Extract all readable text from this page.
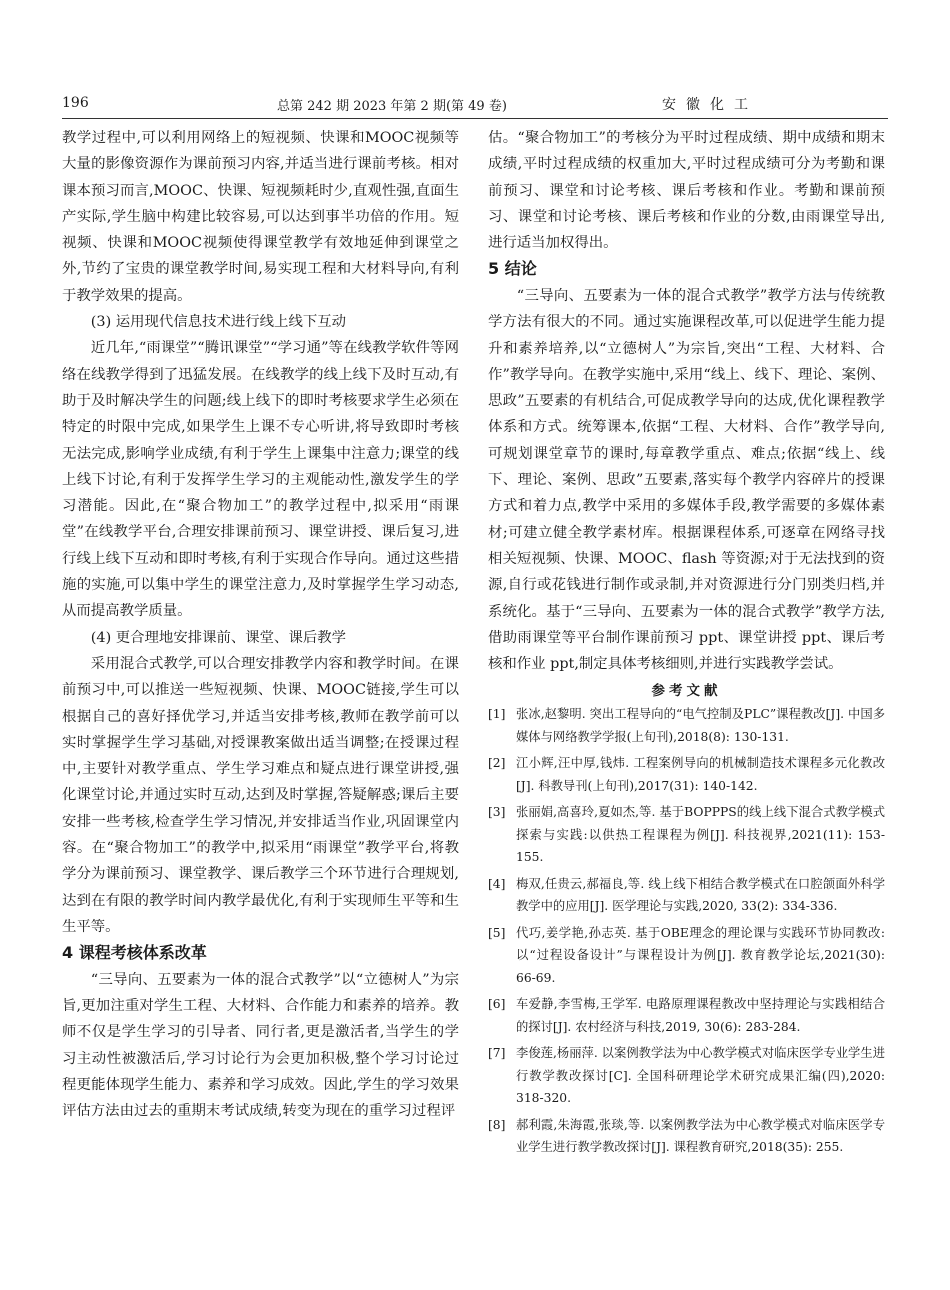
196	总第 242 期 2023 年第 2 期(第 49 卷)	安徽化工

教学过程中,可以利用网络上的短视频、快课和MOOC视频等大量的影像资源作为课前预习内容,并适当进行课前考核。相对课本预习而言,MOOC、快课、短视频耗时少,直观性强,直面生产实际,学生脑中构建比较容易,可以达到事半功倍的作用。短视频、快课和MOOC视频使得课堂教学有效地延伸到课堂之外,节约了宝贵的课堂教学时间,易实现工程和大材料导向,有利于教学效果的提高。

(3) 运用现代信息技术进行线上线下互动

近几年,“雨课堂”“腾讯课堂”“学习通”等在线教学软件等网络在线教学得到了迅猛发展。在线教学的线上线下及时互动,有助于及时解决学生的问题;线上线下的即时考核要求学生必须在特定的时限中完成,如果学生上课不专心听讲,将导致即时考核无法完成,影响学业成绩,有利于学生上课集中注意力;课堂的线上线下讨论,有利于发挥学生学习的主观能动性,激发学生的学习潜能。因此,在“聚合物加工”的教学过程中,拟采用“雨课堂”在线教学平台,合理安排课前预习、课堂讲授、课后复习,进行线上线下互动和即时考核,有利于实现合作导向。通过这些措施的实施,可以集中学生的课堂注意力,及时掌握学生学习动态,从而提高教学质量。

(4) 更合理地安排课前、课堂、课后教学

采用混合式教学,可以合理安排教学内容和教学时间。在课前预习中,可以推送一些短视频、快课、MOOC链接,学生可以根据自己的喜好择优学习,并适当安排考核,教师在教学前可以实时掌握学生学习基础,对授课教案做出适当调整;在授课过程中,主要针对教学重点、学生学习难点和疑点进行课堂讲授,强化课堂讨论,并通过实时互动,达到及时掌握,答疑解惑;课后主要安排一些考核,检查学生学习情况,并安排适当作业,巩固课堂内容。在“聚合物加工”的教学中,拟采用“雨课堂”教学平台,将教学分为课前预习、课堂教学、课后教学三个环节进行合理规划,达到在有限的教学时间内教学最优化,有利于实现师生平等和生生平等。

4 课程考核体系改革

“三导向、五要素为一体的混合式教学”以“立德树人”为宗旨,更加注重对学生工程、大材料、合作能力和素养的培养。教师不仅是学生学习的引导者、同行者,更是激活者,当学生的学习主动性被激活后,学习讨论行为会更加积极,整个学习讨论过程更能体现学生能力、素养和学习成效。因此,学生的学习效果评估方法由过去的重期末考试成绩,转变为现在的重学习过程评

估。“聚合物加工”的考核分为平时过程成绩、期中成绩和期末成绩,平时过程成绩的权重加大,平时过程成绩可分为考勤和课前预习、课堂和讨论考核、课后考核和作业。考勤和课前预习、课堂和讨论考核、课后考核和作业的分数,由雨课堂导出,进行适当加权得出。

5 结论

“三导向、五要素为一体的混合式教学”教学方法与传统教学方法有很大的不同。通过实施课程改革,可以促进学生能力提升和素养培养,以“立德树人”为宗旨,突出“工程、大材料、合作”教学导向。在教学实施中,采用“线上、线下、理论、案例、思政”五要素的有机结合,可促成教学导向的达成,优化课程教学体系和方式。统筹课本,依据“工程、大材料、合作”教学导向,可规划课堂章节的课时,每章教学重点、难点;依据“线上、线下、理论、案例、思政”五要素,落实每个教学内容碎片的授课方式和着力点,教学中采用的多媒体手段,教学需要的多媒体素材;可建立健全教学素材库。根据课程体系,可逐章在网络寻找相关短视频、快课、MOOC、flash 等资源;对于无法找到的资源,自行或花钱进行制作或录制,并对资源进行分门别类归档,并系统化。基于“三导向、五要素为一体的混合式教学”教学方法,借助雨课堂等平台制作课前预习 ppt、课堂讲授 ppt、课后考核和作业 ppt,制定具体考核细则,并进行实践教学尝试。

参考文献
[1] 张冰,赵黎明. 突出工程导向的“电气控制及PLC”课程教改[J]. 中国多媒体与网络教学学报(上旬刊),2018(8): 130-131.
[2] 江小辉,汪中厚,钱炜. 工程案例导向的机械制造技术课程多元化教改[J]. 科教导刊(上旬刊),2017(31): 140-142.
[3] 张丽娟,高喜玲,夏如杰,等. 基于BOPPPS的线上线下混合式教学模式探索与实践:以供热工程课程为例[J]. 科技视界,2021(11): 153-155.
[4] 梅双,任贵云,郝福良,等. 线上线下相结合教学模式在口腔颌面外科学教学中的应用[J]. 医学理论与实践,2020, 33(2): 334-336.
[5] 代巧,姜学艳,孙志英. 基于OBE理念的理论课与实践环节协同教改:以“过程设备设计”与课程设计为例[J]. 教育教学论坛,2021(30): 66-69.
[6] 车爱静,李雪梅,王学军. 电路原理课程教改中坚持理论与实践相结合的探讨[J]. 农村经济与科技,2019, 30(6): 283-284.
[7] 李俊莲,杨丽萍. 以案例教学法为中心教学模式对临床医学专业学生进行教学教改探讨[C]. 全国科研理论学术研究成果汇编(四),2020: 318-320.
[8] 郝利霞,朱海霞,张琰,等. 以案例教学法为中心教学模式对临床医学专业学生进行教学教改探讨[J]. 课程教育研究,2018(35): 255.
